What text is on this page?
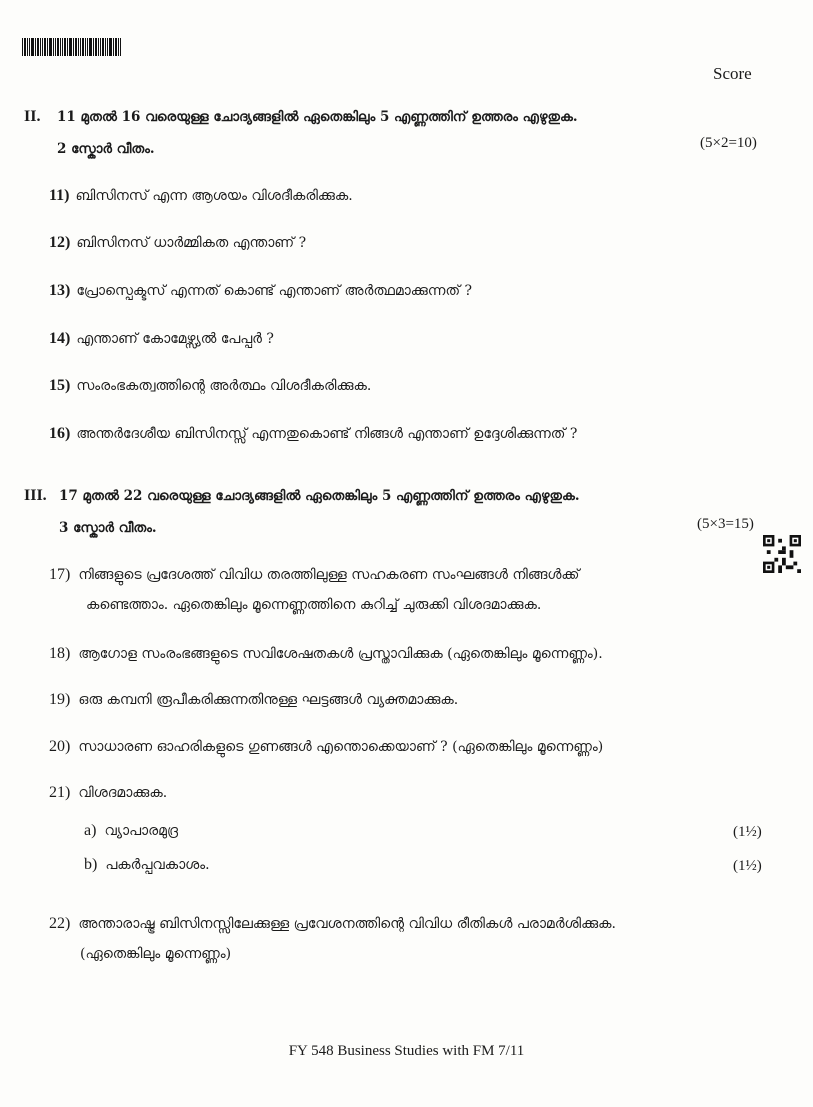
Score
II. 11 മുതൽ 16 വരെയുള്ള ചോദ്യങ്ങളിൽ ഏതെങ്കിലും 5 എണ്ണത്തിന് ഉത്തരം എഴുതുക.
2 സ്കോർ വീതം.	(5×2=10)
11) ബിസിനസ് എന്ന ആശയം വിശദീകരിക്കുക.
12) ബിസിനസ് ധാർമ്മികത എന്താണ് ?
13) പ്രോസ്പെക്ടസ് എന്നത് കൊണ്ട് എന്താണ് അർത്ഥമാക്കുന്നത് ?
14) എന്താണ് കോമേഴ്സ്യൽ പേപ്പർ ?
15) സംരംഭകത്വത്തിന്റെ അർത്ഥം വിശദീകരിക്കുക.
16) അന്തർദേശീയ ബിസിനസ്സ് എന്നതുകൊണ്ട് നിങ്ങൾ എന്താണ് ഉദ്ദേശിക്കുന്നത് ?
III. 17 മുതൽ 22 വരെയുള്ള ചോദ്യങ്ങളിൽ ഏതെങ്കിലും 5 എണ്ണത്തിന് ഉത്തരം എഴുതുക.
3 സ്കോർ വീതം.	(5×3=15)
17) നിങ്ങളുടെ പ്രദേശത്ത് വിവിധ തരത്തിലുള്ള സഹകരണ സംഘങ്ങൾ നിങ്ങൾക്ക്
കണ്ടെത്താം. ഏതെങ്കിലും മൂന്നെണ്ണത്തിനെ കുറിച്ച് ചുരുക്കി വിശദമാക്കുക.
18) ആഗോള സംരംഭങ്ങളുടെ സവിശേഷതകൾ പ്രസ്താവിക്കുക (ഏതെങ്കിലും മൂന്നെണ്ണം).
19) ഒരു കമ്പനി രൂപീകരിക്കുന്നതിനുള്ള ഘട്ടങ്ങൾ വ്യക്തമാക്കുക.
20) സാധാരണ ഓഹരികളുടെ ഗുണങ്ങൾ എന്തൊക്കെയാണ് ? (ഏതെങ്കിലും മൂന്നെണ്ണം)
21) വിശദമാക്കുക.
a) വ്യാപാരമുദ്ര	(1½)
b) പകർപ്പവകാശം.	(1½)
22) അന്താരാഷ്ട്ര ബിസിനസ്സിലേക്കുള്ള പ്രവേശനത്തിന്റെ വിവിധ രീതികൾ പരാമർശിക്കുക.
(ഏതെങ്കിലും മൂന്നെണ്ണം)
FY 548 Business Studies with FM 7/11
